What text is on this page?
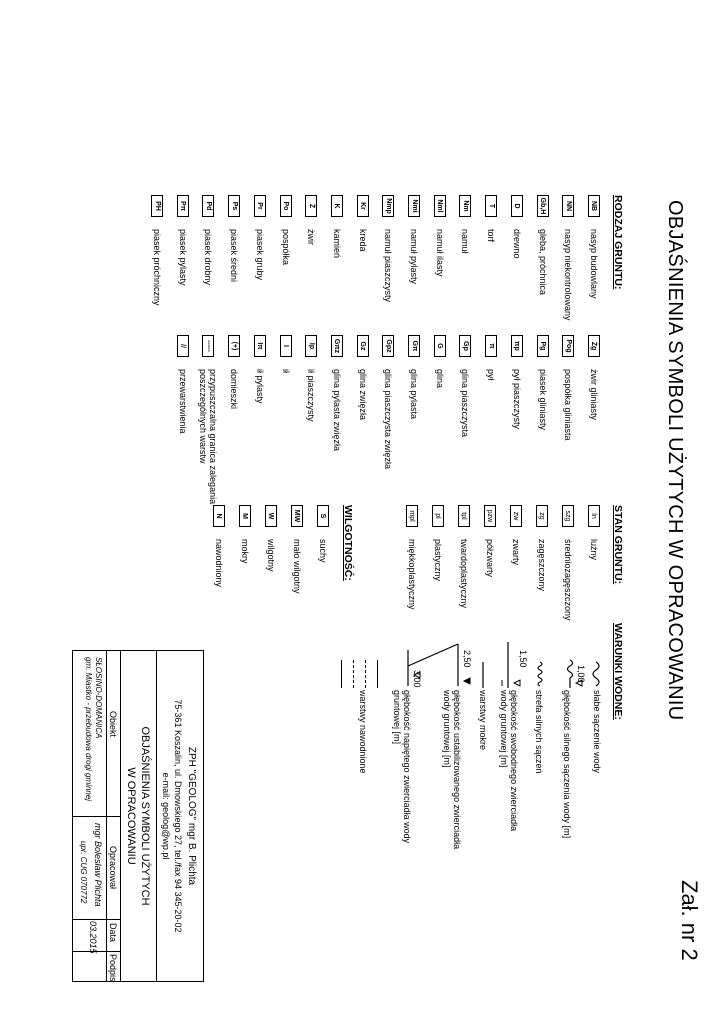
OBJAŚNIENIA SYMBOLI UŻYTYCH W OPRACOWANIU
Zał. nr 2
RODZAJ GRUNTU:
NB
nasyp budowlany
NN
nasyp niekontrolowany
Gb,H
gleba, próchnica
D
drewno
T
torf
Nm
namuł
Nml
namuł ilasty
Nmi
namuł pylasty
Nmp
namuł piaszczysty
Kr
kreda
K
kamień
Ż
żwir
Po
pospółka
Pr
piasek gruby
Ps
piasek średni
Pd
piasek drobny
Pπ
piasek pylasty
PH
piasek próchniczny
Żg
żwir gliniasty
Pog
pospółka gliniasta
Pg
piasek gliniasty
πp
pył piaszczysty
π
pył
Gp
glina piaszczysta
G
glina
Gπ
glina pylasta
Gpz
glina piaszczysta zwięzła
Gz
glina zwięzła
Gπz
glina pylasta zwięzła
Ip
ił piaszczysty
I
ił
Iπ
ił pylasty
(+)
domieszki
-----
przypuszczalna granica zalegania poszczególnych warstw
//
przewarstwienia
STAN GRUNTU:
ln
luźny
szg
średniozagęszczony
zg
zagęszczony
zw
zwarty
pzw
półzwarty
tpl
twardoplastyczny
pl
plastyczny
mpl
miękkoplastyczny
WILGOTNOŚĆ:
S
suchy
MW
mało wilgotny
W
wilgotny
M
mokry
N
nawodniony
WARUNKI WODNE:
słabe sączenie wody
1,00
głębokość silnego sączenia wody [m]
strefa silnych sączeń
1,50
głębokość swobodnego zwierciadła wody gruntowej [m]
warstwy mokre
2,50
głębokość ustabilizowanego zwierciadła wody gruntowej [m]
3,00
głębokość napiętego zwierciadła wody gruntowej [m]
warstwy nawodnione
ZPH "GEOLOG" mgr B. Plichta
75-361 Koszalin, ul. Dmowskiego 27, tel./fax 94 345-20-02
e-mail: geolog@wp.pl
OBJAŚNIENIA SYMBOLI UŻYTYCH
W OPRACOWANIU
Obiekt
Opracował
Data
Podpis
SŁOSINO-DOMANICA
gm. Miastko - przebudowa drogi gminnej
mgr Bolesław Plichta
upr. CUG 070772
03.2015
